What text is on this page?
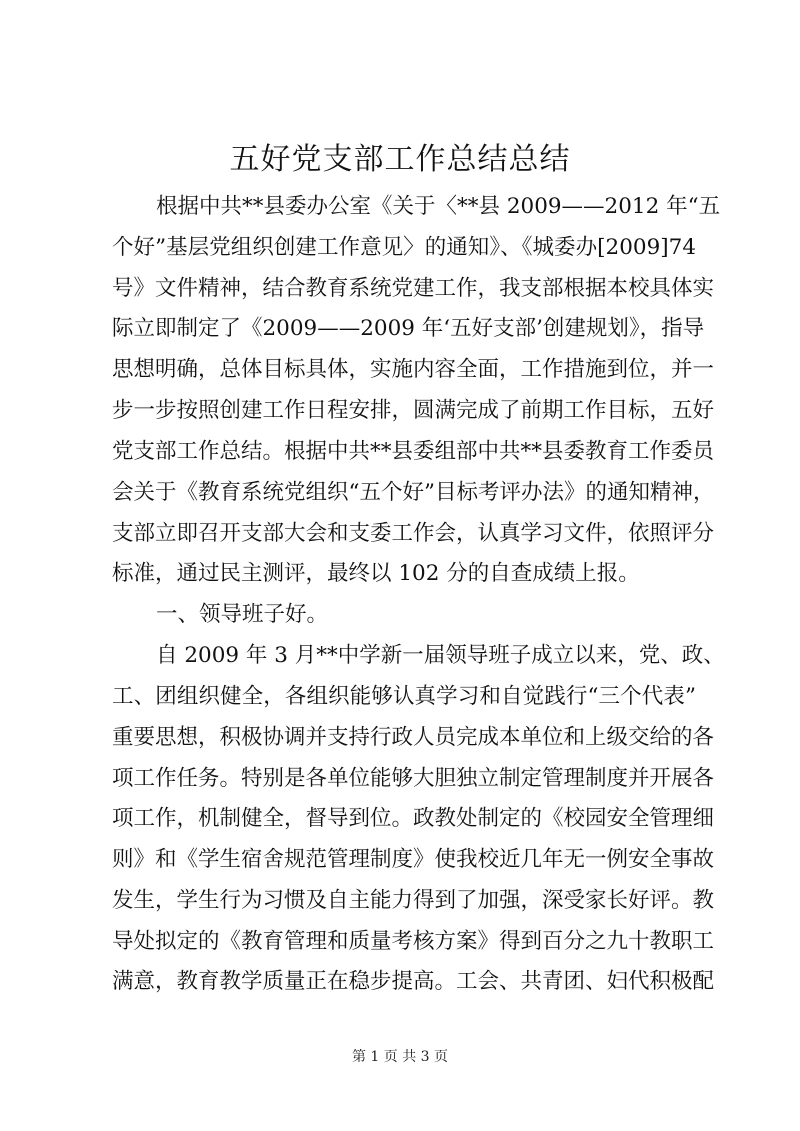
五好党支部工作总结总结

根据中共**县委办公室《关于〈**县 2009——2012 年“五

个好”基层党组织创建工作意见〉的通知》、《城委办[2009]74

号》文件精神，结合教育系统党建工作，我支部根据本校具体实

际立即制定了《2009——2009 年‘五好支部’创建规划》，指导

思想明确，总体目标具体，实施内容全面，工作措施到位，并一

步一步按照创建工作日程安排，圆满完成了前期工作目标，五好

党支部工作总结。根据中共**县委组部中共**县委教育工作委员

会关于《教育系统党组织“五个好”目标考评办法》的通知精神，

支部立即召开支部大会和支委工作会，认真学习文件，依照评分

标准，通过民主测评，最终以 102 分的自查成绩上报。

一、领导班子好。

自 2009 年 3 月**中学新一届领导班子成立以来，党、政、

工、团组织健全，各组织能够认真学习和自觉践行“三个代表”

重要思想，积极协调并支持行政人员完成本单位和上级交给的各

项工作任务。特别是各单位能够大胆独立制定管理制度并开展各

项工作，机制健全，督导到位。政教处制定的《校园安全管理细

则》和《学生宿舍规范管理制度》使我校近几年无一例安全事故

发生，学生行为习惯及自主能力得到了加强，深受家长好评。教

导处拟定的《教育管理和质量考核方案》得到百分之九十教职工

满意，教育教学质量正在稳步提高。工会、共青团、妇代积极配

第 1 页 共 3 页
